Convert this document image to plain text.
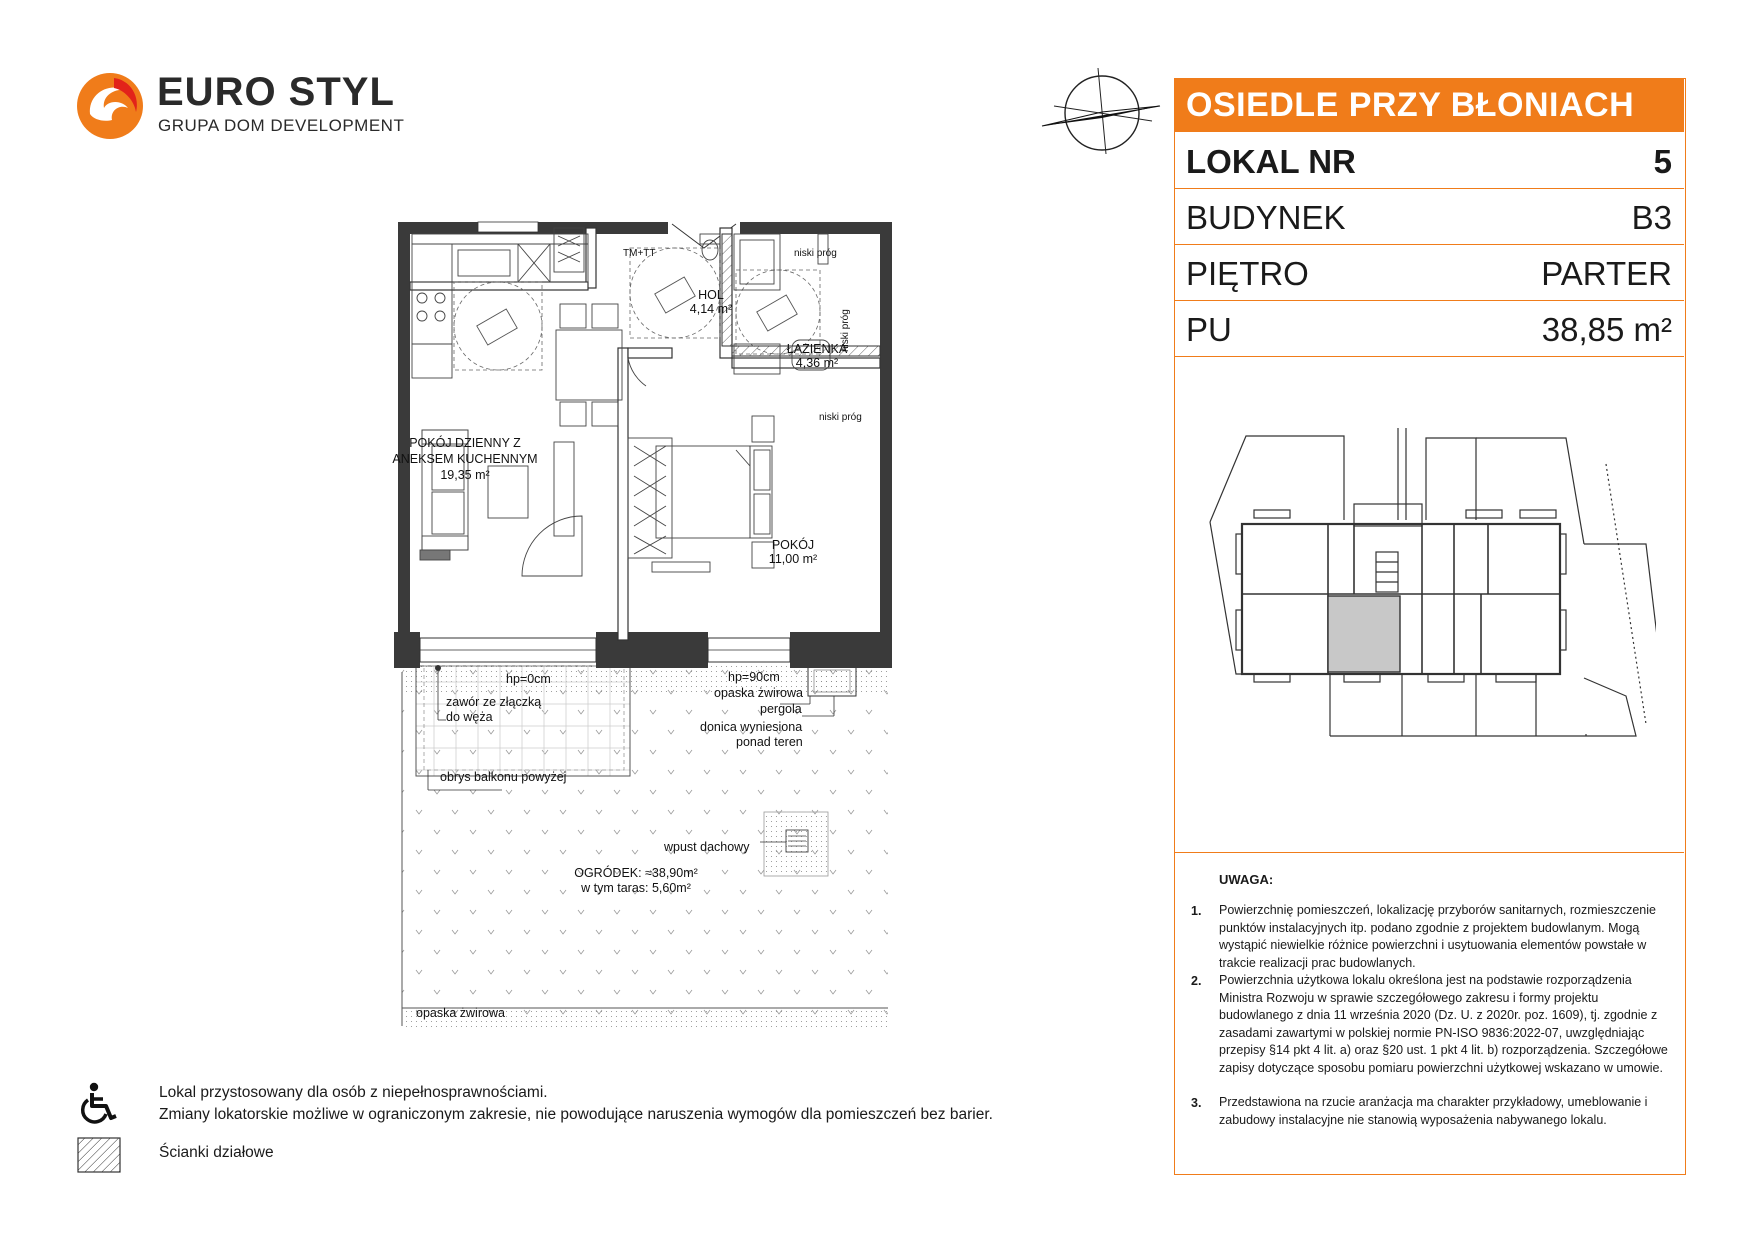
EURO STYL
GRUPA DOM DEVELOPMENT
OSIEDLE PRZY BŁONIACH
LOKAL NR	5
BUDYNEK	B3
PIĘTRO	PARTER
PU	38,85 m²
UWAGA:
1. Powierzchnię pomieszczeń, lokalizację przyborów sanitarnych, rozmieszczenie punktów instalacyjnych itp. podano zgodnie z projektem budowlanym. Mogą wystąpić niewielkie różnice powierzchni i usytuowania elementów powstałe w trakcie realizacji prac budowlanych.
2. Powierzchnia użytkowa lokalu określona jest na podstawie rozporządzenia Ministra Rozwoju w sprawie szczegółowego zakresu i formy projektu budowlanego z dnia 11 września 2020 (Dz. U. z 2020r. poz. 1609), tj. zgodnie z zasadami zawartymi w polskiej normie PN-ISO 9836:2022-07, uwzględniając przepisy §14 pkt 4 lit. a) oraz §20 ust. 1 pkt 4 lit. b) rozporządzenia. Szczegółowe zapisy dotyczące sposobu pomiaru powierzchni użytkowej wskazano w umowie.
3. Przedstawiona na rzucie aranżacja ma charakter przykładowy, umeblowanie i zabudowy instalacyjne nie stanowią wyposażenia nabywanego lokalu.
Lokal przystosowany dla osób z niepełnosprawnościami.
Zmiany lokatorskie możliwe w ograniczonym zakresie, nie powodujące naruszenia wymogów dla pomieszczeń bez barier.
Ścianki działowe
POKÓJ DZIENNY Z
ANEKSEM KUCHENNYM
19,35 m²
HOL
4,14 m²
ŁAZIENKA
4,36 m²
POKÓJ
11,00 m²
TM+TT	niski próg
niski próg
niski próg
hp=0cm	hp=90cm
opaska żwirowa
pergola
donica wyniesiona
ponad teren
zawór ze złączką
do węża
obrys balkonu powyżej
wpust dachowy
OGRÓDEK: ≈38,90m²
w tym taras: 5,60m²
opaska żwirowa
